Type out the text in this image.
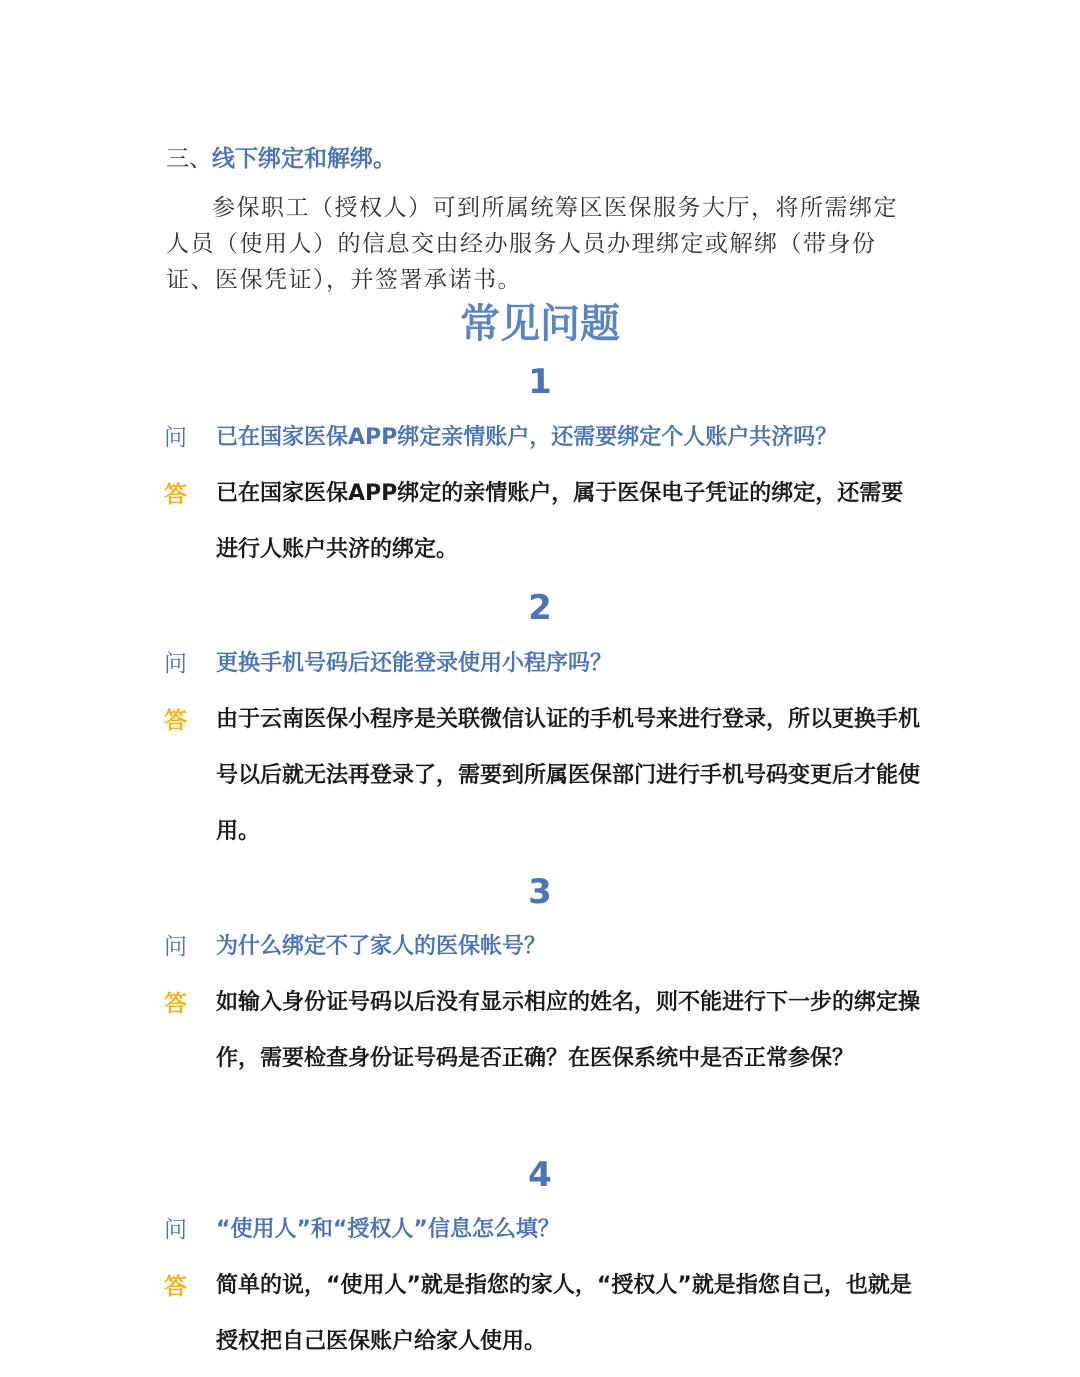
三、线下绑定和解绑。
参保职工（授权人）可到所属统筹区医保服务大厅，将所需绑定人员（使用人）的信息交由经办服务人员办理绑定或解绑（带身份证、医保凭证），并签署承诺书。
常见问题
1
问 已在国家医保APP绑定亲情账户，还需要绑定个人账户共济吗？
答 已在国家医保APP绑定的亲情账户，属于医保电子凭证的绑定，还需要进行人账户共济的绑定。
2
问 更换手机号码后还能登录使用小程序吗？
答 由于云南医保小程序是关联微信认证的手机号来进行登录，所以更换手机号以后就无法再登录了，需要到所属医保部门进行手机号码变更后才能使用。
3
问 为什么绑定不了家人的医保帐号？
答 如输入身份证号码以后没有显示相应的姓名，则不能进行下一步的绑定操作，需要检查身份证号码是否正确？在医保系统中是否正常参保？
4
问 “使用人”和“授权人”信息怎么填？
答 简单的说，“使用人”就是指您的家人，“授权人”就是指您自己，也就是授权把自己医保账户给家人使用。
